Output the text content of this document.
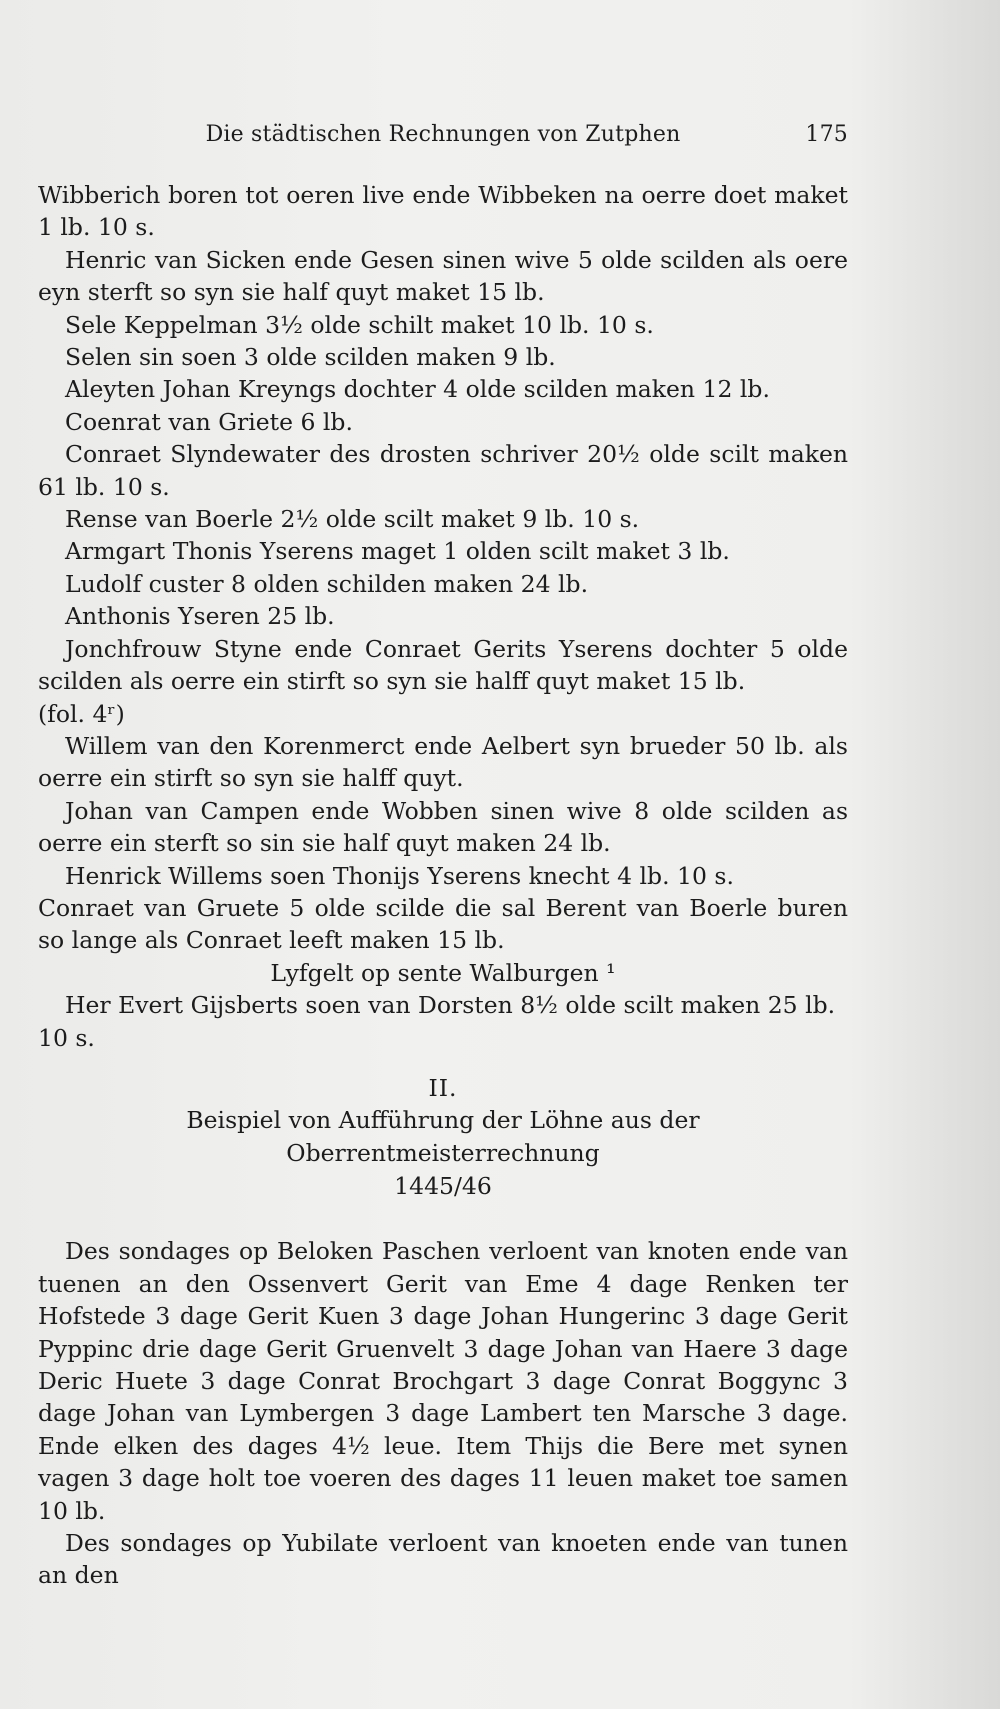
Die städtischen Rechnungen von Zutphen	175

Wibberich boren tot oeren live ende Wibbeken na oerre doet maket 1 lb. 10 s.

Henric van Sicken ende Gesen sinen wive 5 olde scilden als oere eyn sterft so syn sie half quyt maket 15 lb.

Sele Keppelman 3½ olde schilt maket 10 lb. 10 s.

Selen sin soen 3 olde scilden maken 9 lb.

Aleyten Johan Kreyngs dochter 4 olde scilden maken 12 lb.

Coenrat van Griete 6 lb.

Conraet Slyndewater des drosten schriver 20½ olde scilt maken 61 lb. 10 s.

Rense van Boerle 2½ olde scilt maket 9 lb. 10 s.

Armgart Thonis Yserens maget 1 olden scilt maket 3 lb.

Ludolf custer 8 olden schilden maken 24 lb.

Anthonis Yseren 25 lb.

Jonchfrouw Styne ende Conraet Gerits Yserens dochter 5 olde scilden als oerre ein stirft so syn sie halff quyt maket 15 lb.

(fol. 4ʳ)

Willem van den Korenmerct ende Aelbert syn brueder 50 lb. als oerre ein stirft so syn sie halff quyt.

Johan van Campen ende Wobben sinen wive 8 olde scilden as oerre ein sterft so sin sie half quyt maken 24 lb.

Henrick Willems soen Thonijs Yserens knecht 4 lb. 10 s.

Conraet van Gruete 5 olde scilde die sal Berent van Boerle buren so lange als Conraet leeft maken 15 lb.

Lyfgelt op sente Walburgen ¹

Her Evert Gijsberts soen van Dorsten 8½ olde scilt maken 25 lb. 10 s.

II.

Beispiel von Aufführung der Löhne aus der Oberrentmeisterrechnung

1445/46

Des sondages op Beloken Paschen verloent van knoten ende van tuenen an den Ossenvert Gerit van Eme 4 dage Renken ter Hofstede 3 dage Gerit Kuen 3 dage Johan Hungerinc 3 dage Gerit Pyppinc drie dage Gerit Gruenvelt 3 dage Johan van Haere 3 dage Deric Huete 3 dage Conrat Brochgart 3 dage Conrat Boggync 3 dage Johan van Lymbergen 3 dage Lambert ten Marsche 3 dage. Ende elken des dages 4½ leue. Item Thijs die Bere met synen vagen 3 dage holt toe voeren des dages 11 leuen maket toe samen 10 lb.

Des sondages op Yubilate verloent van knoeten ende van tunen an den
